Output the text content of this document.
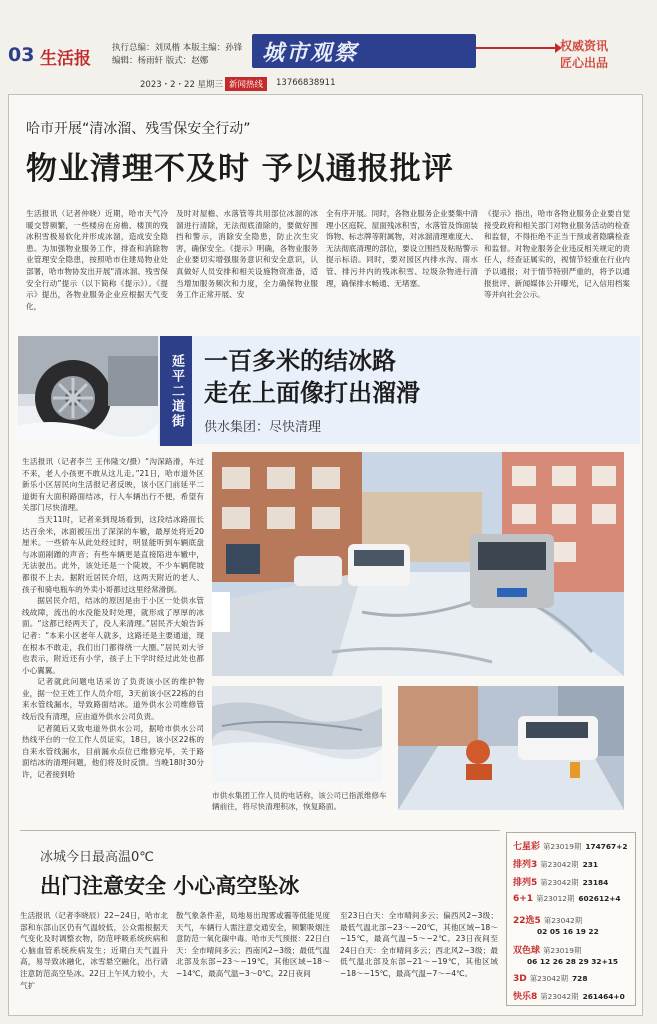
03 生活报
执行总编：刘凤楷 本版主编：孙锋
编辑：杨雨轩 版式：赵娜	城市观察	权威资讯
匠心出品
2023・2・22 星期三 新闻热线	13766838911
哈市开展“清冰溜、残雪保安全行动”
物业清理不及时 予以通报批评
生活报讯（记者仲晓）近期，哈市天气冷暖交替频繁，一些楼房在房檐、楼顶的残冰积雪极易软化并形成冰溜，造成安全隐患。为加强物业服务工作，排查和消除物业管理安全隐患，按照哈市住建局物业处部署，哈市物协发出开展“清冰溜、残雪保安全行动”提示（以下简称《提示》）。《提示》提出，各物业服务企业应根据天气变化，
及时对屋檐、水落管等共用部位冰溜的冰溜进行清除，无法彻底清除的，要做好围挡和警示，消除安全隐患，防止次生灾害，确保安全。《提示》明确，各物业服务企业要切实增强服务意识和安全意识，认真做好人员安排和相关设施物资准备，适当增加服务频次和力度，全力确保物业服务工作正常开展、安
全有序开展。同时，各物业服务企业要集中清理小区庭院、屋面残冰积雪，水落管及饰面装饰物、标志牌等附属物，对冰溜清理难度大、无法彻底清理的部位，要设立围挡及粘贴警示提示标语。同时，要对园区内排水沟、雨水管、排污井内的残冰积雪、垃圾杂物进行清理，确保排水畅通、无堵塞。
《提示》指出，哈市各物业服务企业要自觉接受政府和相关部门对物业服务活动的检查和监督，不得拒绝不正当干预或者隐瞒检查和监督。对物业服务企业违反相关规定的责任人，经查证属实的，视情节轻重在行业内予以通报；对于情节特别严重的，将予以通报批评、新闻媒体公开曝光，记入信用档案等并向社会公示。
延平二道街 一百多米的结冰路
走在上面像打出溜滑
供水集团：尽快清理
生活报讯（记者李兰 王伟隆文/摄）“沟深路滑，车过不来，老人小孩更不敢从这儿走。”21日，哈市道外区新乐小区居民向生活报记者反映，该小区门前延平二道街有大面积路面结冰，行人车辆出行不便，希望有关部门尽快清理。
当天11时，记者来到现场看到，这段结冰路面长达百余米，冰面被压出了深深的车辙，最厚处将近20厘米。一些轿车从此处经过时，明显能听到车辆底盘与冰面剐蹭的声音；有些车辆更是直接陷进车辙中，无法驶出。此外，该处还是一个陡坡，不少车辆爬坡都很不上去。据附近居民介绍，这两天附近的老人、孩子和骑电瓶车的外卖小哥都过这里经常滑倒。
据居民介绍，结冰的原因是由于小区一处供水管线故障，流出的水没能及时处理，就形成了厚厚的冰面。“这都已经两天了，没人来清理。”居民齐大娘告诉记者：“本来小区老年人就多，这路还是主要通道，现在根本不敢走，我们出门都得绕一大圈。”居民刘大爷也表示，附近还有小学，孩子上下学时经过此处也都小心翼翼。
记者就此问题电话采访了负责该小区的维护物业，据一位王姓工作人员介绍，3天前该小区22栋的自来水管线漏水，导致路面结冰。道外供水公司维修管线后没有清理，应由道外供水公司负责。
记者随后又致电道外供水公司，据哈市供水公司热线平台的一位工作人员证实，18日，该小区22栋的自来水管线漏水，目前漏水点位已维修完毕，关于路面结冰的清理问题，他们将及时反馈。当晚18时30分许，记者接到哈
市供水集团工作人员的电话称，该公司已指派维修车辆前往，将尽快清理积冰，恢复路面。
冰城今日最高温0℃
出门注意安全 小心高空坠冰
生活报讯（记者李晓辰）22~24日，哈市北部和东部山区仍有气温较低，公众需根据天气变化及时调整衣物，防范呼吸系统疾病和心脑血管系统疾病发生；近期白天气温升高，易导致冰融化，冰雪悬空融化，出行请注意防范高空坠冰。22日上午风力较小，大气扩
散气象条件差，局地易出现雾或霾等低能见度天气，车辆行人需注意交通安全，频繁吸烟注意防范一氧化碳中毒。哈市天气预报：22日白天：全市晴间多云；西南风2~3级；最低气温北部及东部−23～−19℃，其他区域−18～−14℃，最高气温−3～0℃。22日夜间
至23日白天：全市晴间多云；偏西风2~3级；最低气温北部−23～−20℃，其他区域−18～−15℃，最高气温−5～−2℃。23日夜间至24日白天：全市晴间多云；西北风2~3级；最低气温北部及东部−21～−19℃，其他区域−18～−15℃，最高气温−7～−4℃。
七星彩 第23019期 174767+2
排列3 第23042期 231
排列5 第23042期 23184
6+1 第23012期 602612+4
22选5 第23042期
02 05 16 19 22
双色球 第23019期
06 12 26 28 29 32+15
3D 第23042期 728
快乐8 第23042期 261464+0
